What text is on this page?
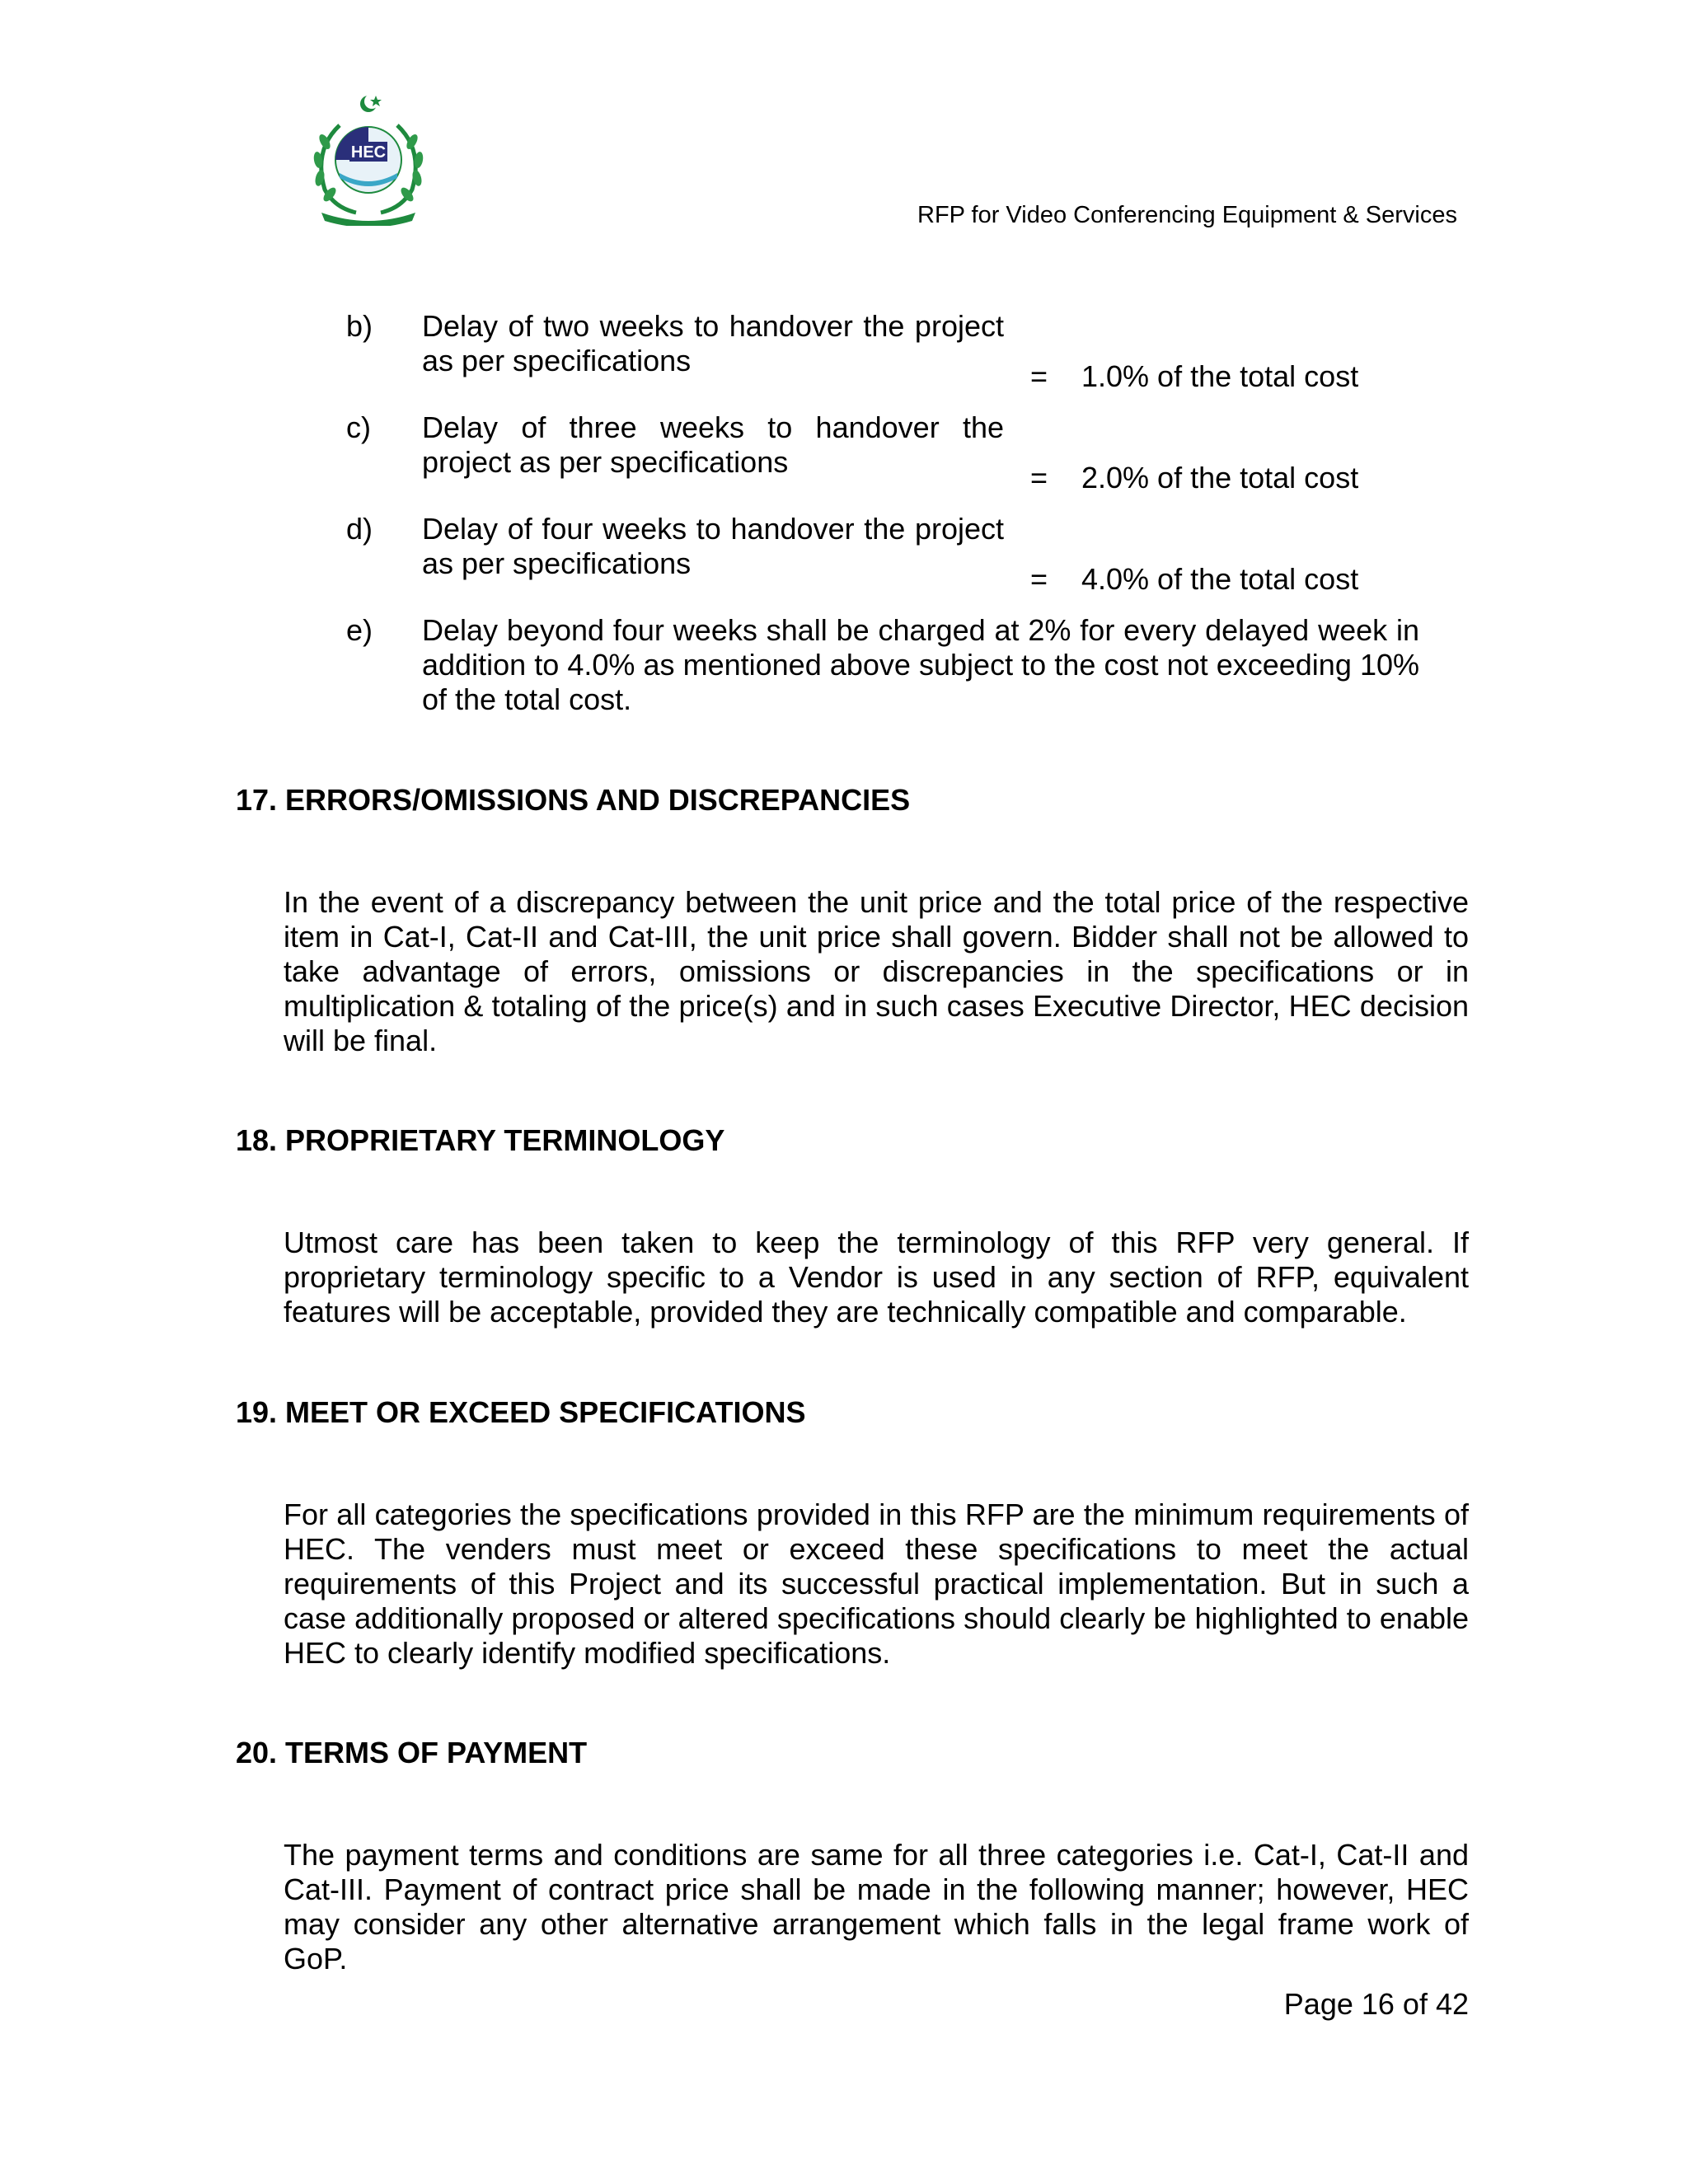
HEC
RFP for Video Conferencing Equipment & Services
b)	Delay of two weeks to handover the project as per specifications	=	1.0% of the total cost
c)	Delay of three weeks to handover the project as per specifications	=	2.0% of the total cost
d)	Delay of four weeks to handover the project as per specifications	=	4.0% of the total cost
e)	Delay beyond four weeks shall be charged at 2% for every delayed week in addition to 4.0% as mentioned above subject to the cost not exceeding 10% of the total cost.
17. ERRORS/OMISSIONS AND DISCREPANCIES
In the event of a discrepancy between the unit price and the total price of the respective item in Cat-I, Cat-II and Cat-III, the unit price shall govern. Bidder shall not be allowed to take advantage of errors, omissions or discrepancies in the specifications or in multiplication & totaling of the price(s) and in such cases Executive Director, HEC decision will be final.
18. PROPRIETARY TERMINOLOGY
Utmost care has been taken to keep the terminology of this RFP very general. If proprietary terminology specific to a Vendor is used in any section of RFP, equivalent features will be acceptable, provided they are technically compatible and comparable.
19. MEET OR EXCEED SPECIFICATIONS
For all categories the specifications provided in this RFP are the minimum requirements of HEC. The venders must meet or exceed these specifications to meet the actual requirements of this Project and its successful practical implementation. But in such a case additionally proposed or altered specifications should clearly be highlighted to enable HEC to clearly identify modified specifications.
20. TERMS OF PAYMENT
The payment terms and conditions are same for all three categories i.e. Cat-I, Cat-II and Cat-III. Payment of contract price shall be made in the following manner; however, HEC may consider any other alternative arrangement which falls in the legal frame work of GoP.
Page 16 of 42
